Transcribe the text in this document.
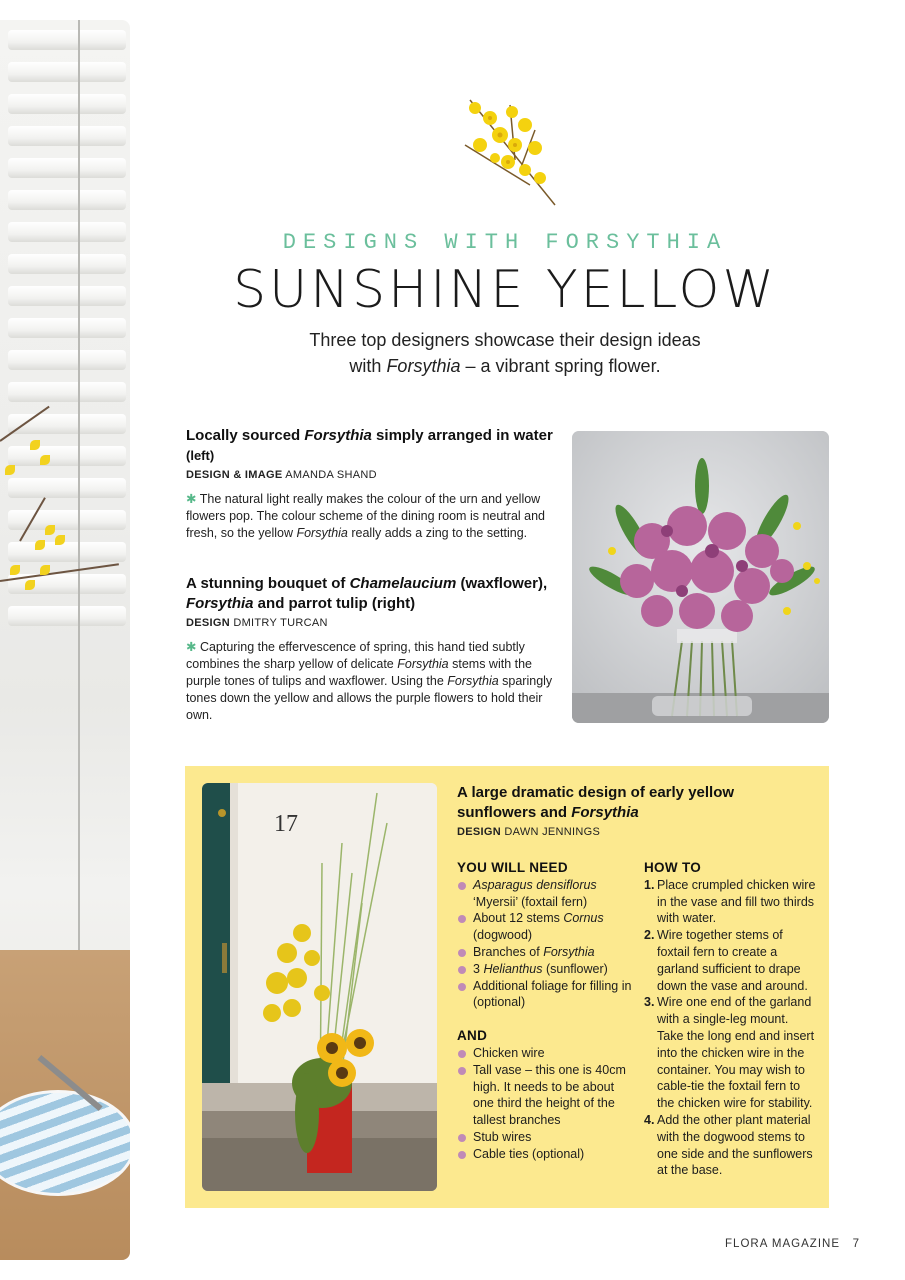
DESIGNS WITH FORSYTHIA
SUNSHINE YELLOW
Three top designers showcase their design ideas
with Forsythia – a vibrant spring flower.
Locally sourced Forsythia simply arranged in water (left)
DESIGN & IMAGE AMANDA SHAND
✱ The natural light really makes the colour of the urn and yellow flowers pop. The colour scheme of the dining room is neutral and fresh, so the yellow Forsythia really adds a zing to the setting.
A stunning bouquet of Chamelaucium (waxflower), Forsythia and parrot tulip (right)
DESIGN DMITRY TURCAN
✱ Capturing the effervescence of spring, this hand tied subtly combines the sharp yellow of delicate Forsythia stems with the purple tones of tulips and waxflower. Using the Forsythia sparingly tones down the yellow and allows the purple flowers to hold their own.
17
A large dramatic design of early yellow sunflowers and Forsythia
DESIGN DAWN JENNINGS
YOU WILL NEED
Asparagus densiflorus ‘Myersii’ (foxtail fern)
About 12 stems Cornus (dogwood)
Branches of Forsythia
3 Helianthus (sunflower)
Additional foliage for filling in (optional)
AND
Chicken wire
Tall vase – this one is 40cm high. It needs to be about one third the height of the tallest branches
Stub wires
Cable ties (optional)
HOW TO
1. Place crumpled chicken wire in the vase and fill two thirds with water.
2. Wire together stems of foxtail fern to create a garland sufficient to drape down the vase and around.
3. Wire one end of the garland with a single-leg mount. Take the long end and insert into the chicken wire in the container. You may wish to cable-tie the foxtail fern to the chicken wire for stability.
4. Add the other plant material with the dogwood stems to one side and the sunflowers at the base.
FLORA MAGAZINE 7
